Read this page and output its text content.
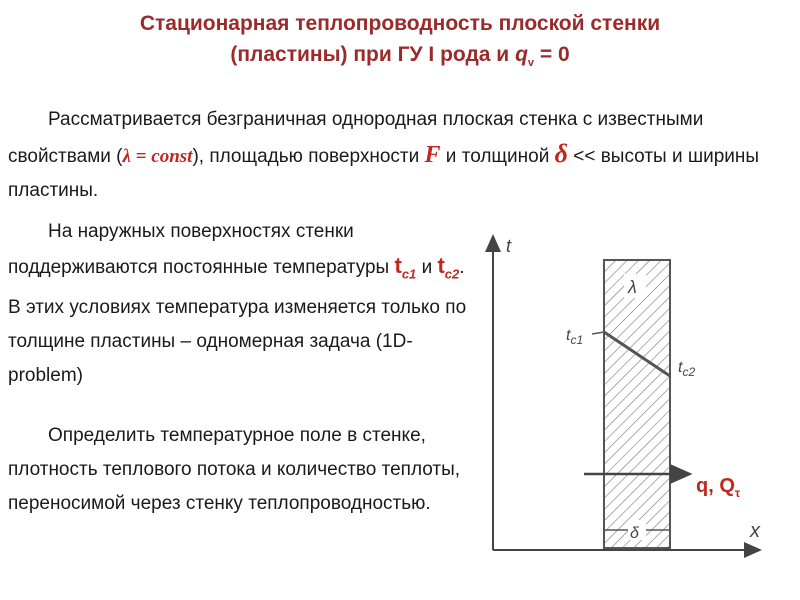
Стационарная теплопроводность плоской стенки
(пластины) при ГУ I рода и $q_v = 0$
Рассматривается безграничная однородная плоская стенка с известными свойствами (λ = const), площадью поверхности F и толщиной δ << высоты и ширины пластины.
На наружных поверхностях стенки поддерживаются постоянные температуры $t_{c1}$ и $t_{c2}$. В этих условиях температура изменяется только по толщине пластины – одномерная задача (1D-problem)
Определить температурное поле в стенке, плотность теплового потока и количество теплоты, переносимой через стенку теплопроводностью.
t
x
λ
$t_{c1}$
$t_{c2}$
q, $Q_\tau$
δ
